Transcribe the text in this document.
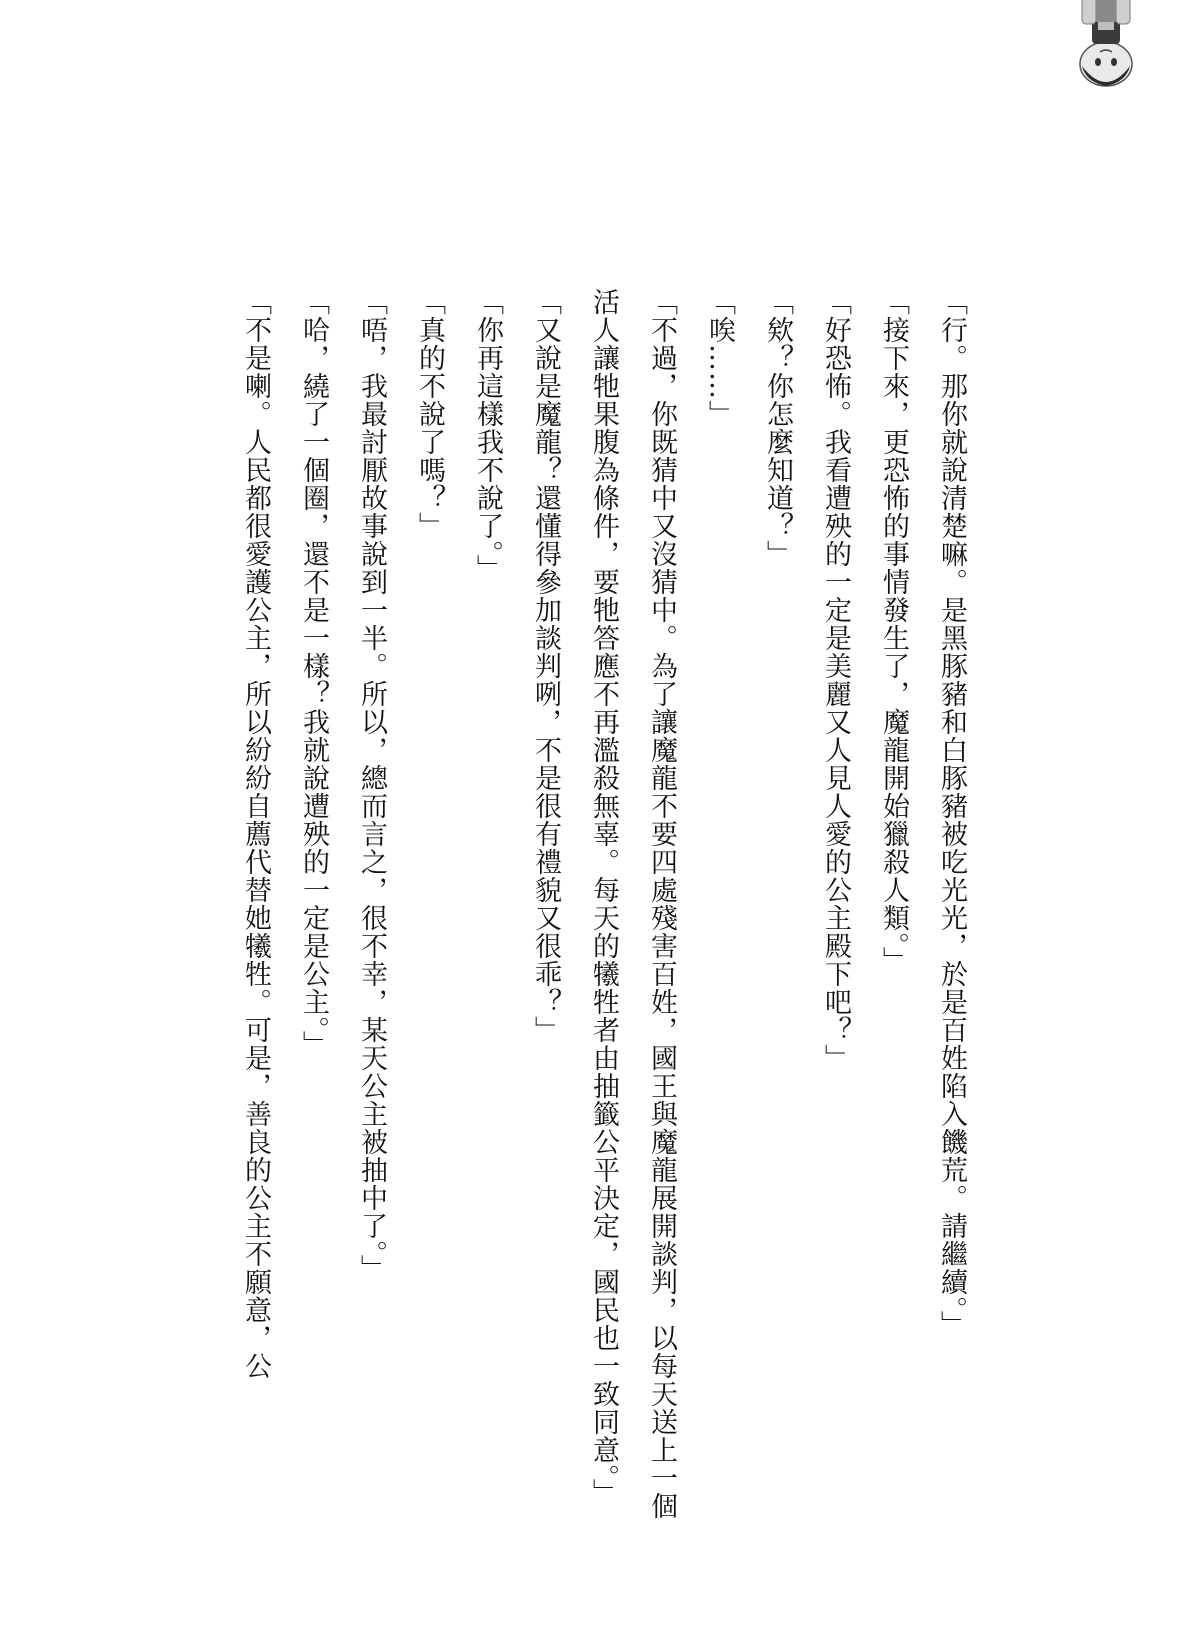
「行。那你就說清楚嘛。是黑豚豬和白豚豬被吃光光，於是百姓陷入饑荒。請繼續。」

「接下來，更恐怖的事情發生了，魔龍開始獵殺人類。」

「好恐怖。我看遭殃的一定是美麗又人見人愛的公主殿下吧？」

「欸？你怎麼知道？」

「唉……」

「不過，你既猜中又沒猜中。為了讓魔龍不要四處殘害百姓，國王與魔龍展開談判，以每天送上一個活人讓牠果腹為條件，要牠答應不再濫殺無辜。每天的犧牲者由抽籤公平決定，國民也一致同意。」

「又說是魔龍？還懂得參加談判咧，不是很有禮貌又很乖？」

「你再這樣我不說了。」

「真的不說了嗎？」

「唔，我最討厭故事說到一半。所以，總而言之，很不幸，某天公主被抽中了。」

「哈，繞了一個圈，還不是一樣？我就說遭殃的一定是公主。」

「不是喇。人民都很愛護公主，所以紛紛自薦代替她犧牲。可是，善良的公主不願意，公
